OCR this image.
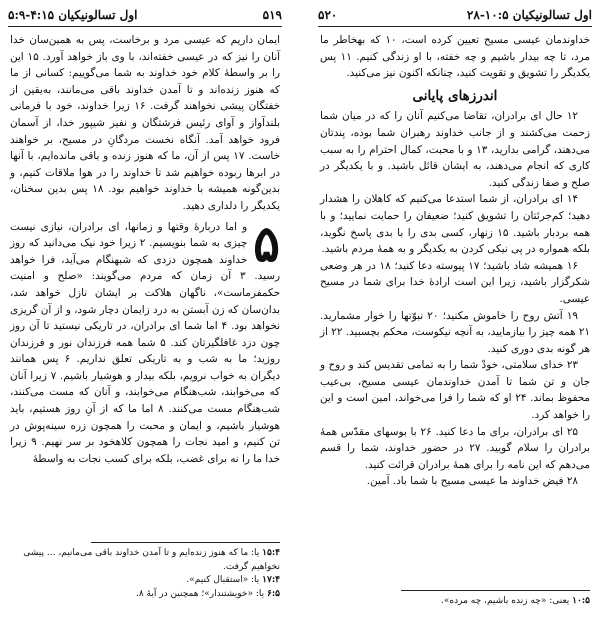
اول تسالونیکیان ۱۰:۵-۲۸
۵۲۰

خداوندمان عیسی مسیح تعیین کرده است، ۱۰ که بهخاطر ما مرد، تا چه بیدار باشیم و چه خفته، با او زندگی کنیم. ۱۱ پس یکدیگر را تشویق و تقویت کنید، چنانکه اکنون نیز می‌کنید.

اندرزهای پایانی

۱۲ حال ای برادران، تقاضا می‌کنیم آنان را که در میان شما زحمت می‌کشند و از جانب خداوند رهبران شما بوده، پندتان می‌دهند، گرامی بدارید، ۱۳ و با محبت، کمال احترام را به سبب کاری که انجام می‌دهند، به ایشان قائل باشید. و با یکدیگر در صلح و صفا زندگی کنید.

۱۴ ای برادران، از شما استدعا می‌کنیم که کاهلان را هشدار دهید؛ کم‌جرئتان را تشویق کنید؛ ضعیفان را حمایت نمایید؛ و با همه بردبار باشید. ۱۵ زنهار، کسی بدی را با بدی پاسخ نگوید، بلکه همواره در پی نیکی کردن به یکدیگر و به همهٔ مردم باشید.

۱۶ همیشه شاد باشید؛ ۱۷ پیوسته دعا کنید؛ ۱۸ در هر وضعی شکرگزار باشید، زیرا این است ارادهٔ خدا برای شما در مسیح عیسی.

۱۹ آتش روح را خاموش مکنید؛ ۲۰ نبوّتها را خوار مشمارید. ۲۱ همه چیز را بیازمایید، به آنچه نیکوست، محکم بچسبید. ۲۲ از هر گونه بدی دوری کنید.

۲۳ خدای سلامتی، خودْ شما را به تمامی تقدیس کند و روح و جان و تن شما تا آمدن خداوندمان عیسی مسیح، بی‌عیب محفوظ بماند. ۲۴ او که شما را فرا می‌خواند، امین است و این را خواهد کرد.

۲۵ ای برادران، برای ما دعا کنید. ۲۶ با بوسهای مقدّس همهٔ برادران را سلام گویید. ۲۷ در حضور خداوند، شما را قسم می‌دهم که این نامه را برای همهٔ برادران قرائت کنید.

۲۸ فیض خداوند ما عیسی مسیح با شما باد. آمین.

۱۰:۵ یعنی: «چه زنده باشیم، چه مرده».
۵۱۹
اول تسالونیکیان ۴:۱۵-۵:۹

ایمان داریم که عیسی مرد و برخاست، پس به همین‌سان خدا آنان را نیز که در عیسی خفته‌اند، با وی باز خواهد آورد. ۱۵ این را بر واسطهٔ کلام خود خداوند به شما می‌گوییم: کسانی از ما که هنوز زنده‌اند و تا آمدن خداوند باقی می‌مانند، به‌یقین از خفتگان پیشی نخواهند گرفت. ۱۶ زیرا خداوند، خود با فرمانی بلندآواز و آوای رئیس فرشتگان و نفیر شیپور خدا، از آسمان فرود خواهد آمد. آنگاه نخست مردگانِ در مسیح، بر خواهند خاست. ۱۷ پس از آن، ما که هنوز زنده و باقی مانده‌ایم، با آنها در ابرها ربوده خواهیم شد تا خداوند را در هوا ملاقات کنیم، و بدین‌گونه همیشه با خداوند خواهیم بود. ۱۸ پس بدین سخنان، یکدیگر را دلداری دهید.

۵
و اما دربارهٔ وقتها و زمانها، ای برادران، نیازی نیست چیزی به شما بنویسیم. ۲ زیرا خود نیک می‌دانید که روز خداوند همچون دزدی که شبهنگام می‌آید، فرا خواهد رسید. ۳ آن زمان که مردم می‌گویند: «صلح و امنیت حکمفرماست»، ناگهان هلاکت بر ایشان نازل خواهد شد، بدان‌سان که زن آبستن به درد زایمان دچار شود، و از آن گریزی نخواهد بود. ۴ اما شما ای برادران، در تاریکی نیستید تا آن روز چون دزد غافلگیرتان کند. ۵ شما همه فرزندان نور و فرزندان روزید؛ ما به شب و به تاریکی تعلق نداریم. ۶ پس همانند دیگران به خواب نرویم، بلکه بیدار و هوشیار باشیم. ۷ زیرا آنان که می‌خوابند، شب‌هنگام می‌خوابند، و آنان که مست می‌کنند، شب‌هنگام مست می‌کنند. ۸ اما ما که از آنِ روز هستیم، باید هوشیار باشیم، و ایمان و محبت را همچون زره سینه‌پوش در تن کنیم، و امید نجات را همچون کلاهخود بر سر نهیم. ۹ زیرا خدا ما را نه برای غضب، بلکه برای کسب نجات به واسطهٔ

۱۵:۴ یا: ما که هنوز زنده‌ایم و تا آمدن خداوند باقی می‌مانیم، ... پیشی نخواهیم گرفت.
۱۷:۴ یا: «استقبال کنیم».
۶:۵ یا: «خویشتندار»؛ همچنین در آیهٔ ۸.
